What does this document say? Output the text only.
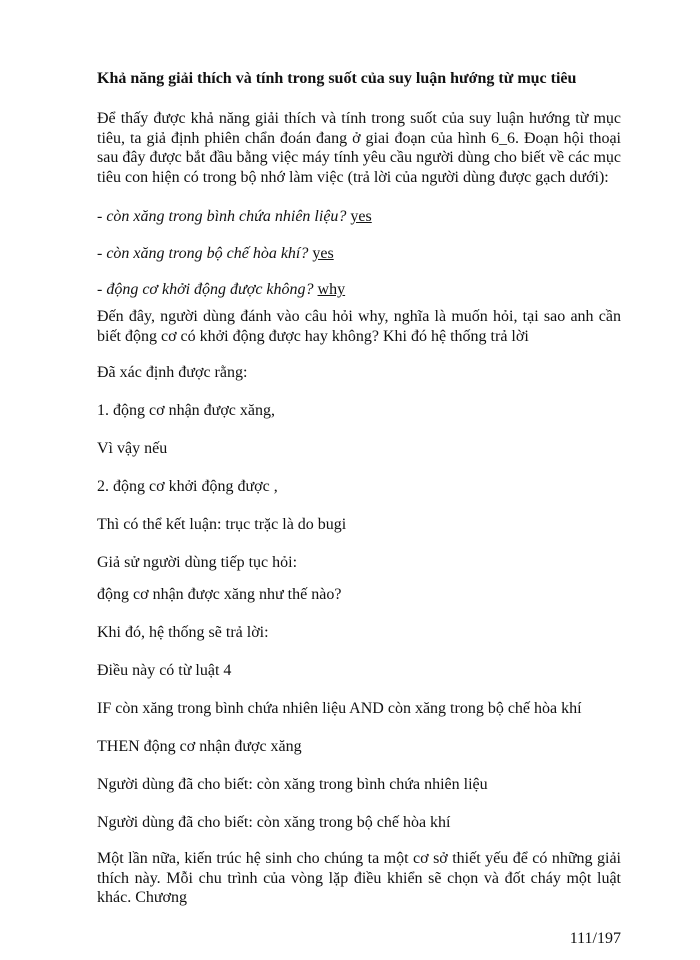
Khả năng giải thích và tính trong suốt của suy luận hướng từ mục tiêu

Để thấy được khả năng giải thích và tính trong suốt của suy luận hướng từ mục tiêu, ta giả định phiên chẩn đoán đang ở giai đoạn của hình 6_6. Đoạn hội thoại sau đây được bắt đầu bằng việc máy tính yêu cầu người dùng cho biết về các mục tiêu con hiện có trong bộ nhớ làm việc (trả lời của người dùng được gạch dưới):

- còn xăng trong bình chứa nhiên liệu? yes

- còn xăng trong bộ chế hòa khí? yes

- động cơ khởi động được không? why

Đến đây, người dùng đánh vào câu hỏi why, nghĩa là muốn hỏi, tại sao anh cần biết động cơ có khởi động được hay không? Khi đó hệ thống trả lời

Đã xác định được rằng:

1. động cơ nhận được xăng,

Vì vậy nếu

2. động cơ khởi động được ,

Thì có thể kết luận: trục trặc là do bugi

Giả sử người dùng tiếp tục hỏi:

động cơ nhận được xăng như thế nào?

Khi đó, hệ thống sẽ trả lời:

Điều này có từ luật 4

IF còn xăng trong bình chứa nhiên liệu AND còn xăng trong bộ chế hòa khí

THEN động cơ nhận được xăng

Người dùng đã cho biết: còn xăng trong bình chứa nhiên liệu

Người dùng đã cho biết: còn xăng trong bộ chế hòa khí

Một lần nữa, kiến trúc hệ sinh cho chúng ta một cơ sở thiết yếu để có những giải thích này. Mỗi chu trình của vòng lặp điều khiển sẽ chọn và đốt cháy một luật khác. Chương

111/197
